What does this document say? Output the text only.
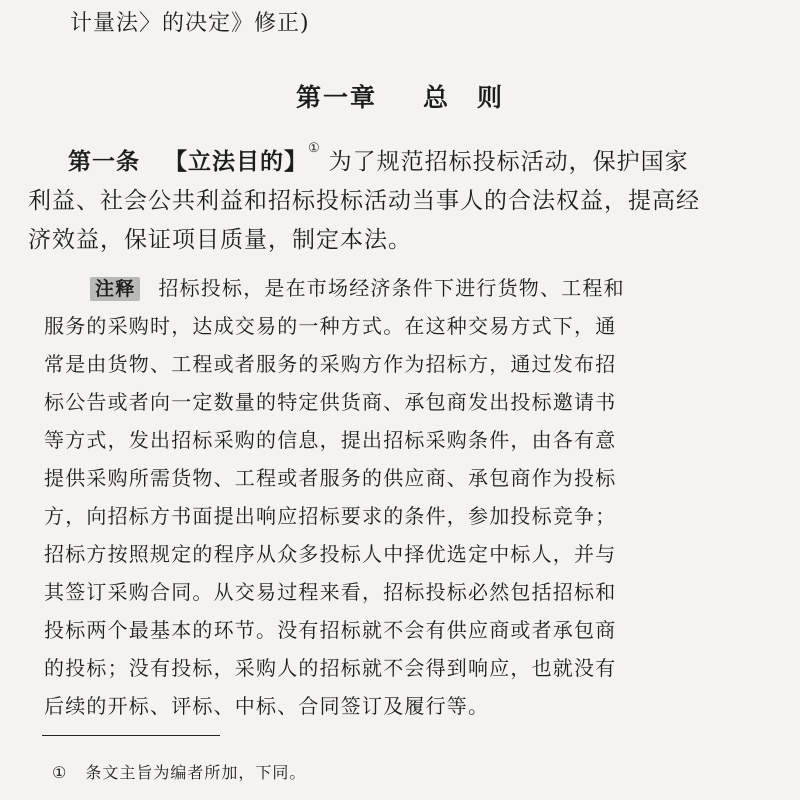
计量法〉的决定》修正)
第一章 总　则
第一条 【立法目的】①为了规范招标投标活动，保护国家
利益、社会公共利益和招标投标活动当事人的合法权益，提高经
济效益，保证项目质量，制定本法。
注释 招标投标，是在市场经济条件下进行货物、工程和
服务的采购时，达成交易的一种方式。在这种交易方式下，通
常是由货物、工程或者服务的采购方作为招标方，通过发布招
标公告或者向一定数量的特定供货商、承包商发出投标邀请书
等方式，发出招标采购的信息，提出招标采购条件，由各有意
提供采购所需货物、工程或者服务的供应商、承包商作为投标
方，向招标方书面提出响应招标要求的条件，参加投标竞争；
招标方按照规定的程序从众多投标人中择优选定中标人，并与
其签订采购合同。从交易过程来看，招标投标必然包括招标和
投标两个最基本的环节。没有招标就不会有供应商或者承包商
的投标；没有投标，采购人的招标就不会得到响应，也就没有
后续的开标、评标、中标、合同签订及履行等。
① 条文主旨为编者所加，下同。
